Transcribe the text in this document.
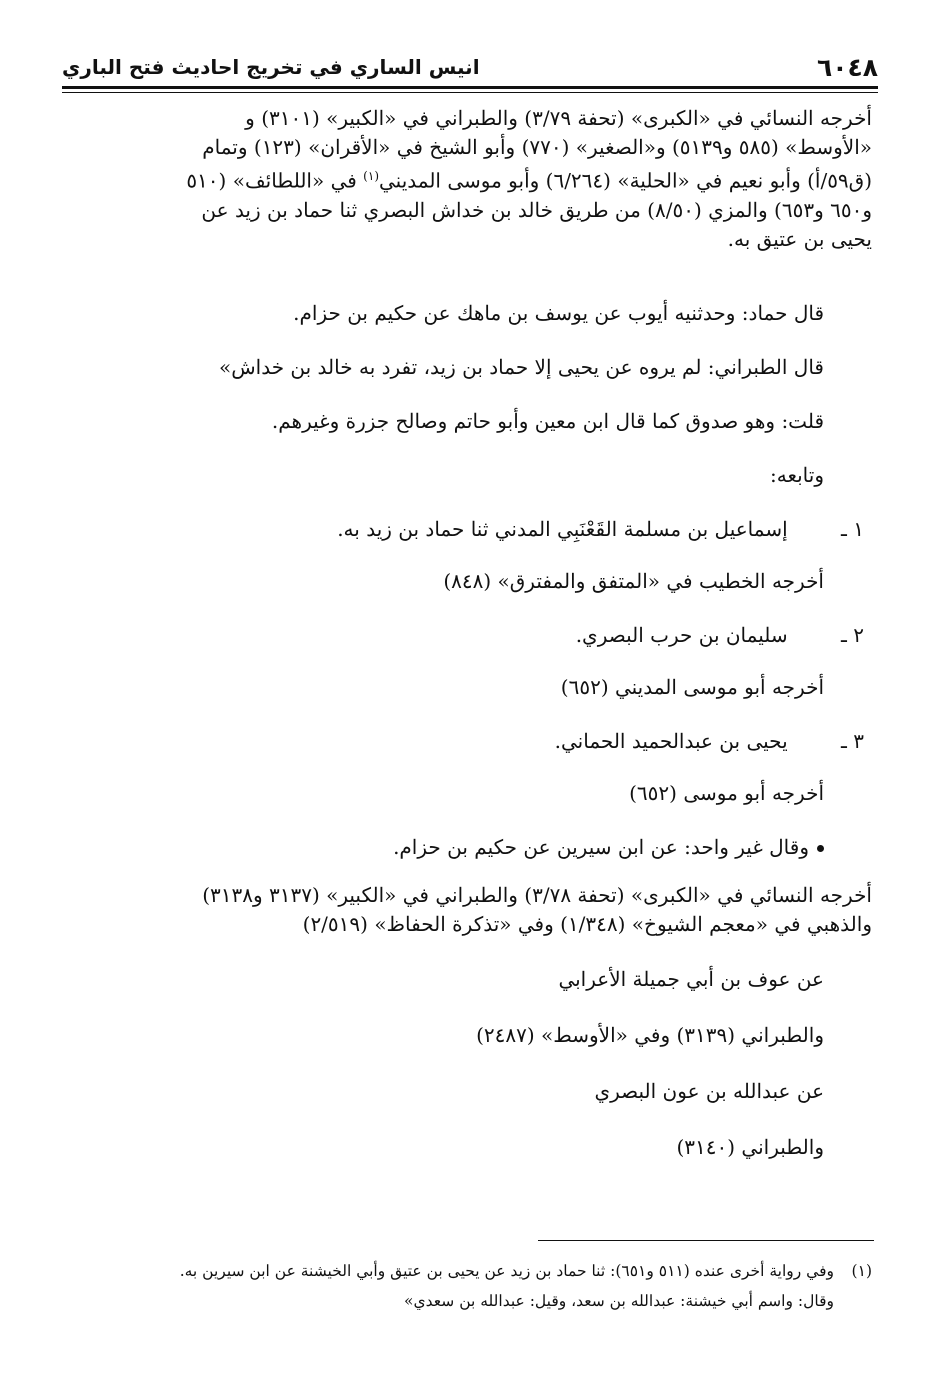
٦٠٤٨
انيس الساري في تخريج احاديث فتح الباري
أخرجه النسائي في «الكبرى» (تحفة ٣/٧٩) والطبراني في «الكبير» (٣١٠١) و
«الأوسط» (٥٨٥ و٥١٣٩) و«الصغير» (٧٧٠) وأبو الشيخ في «الأقران» (١٢٣) وتمام
(ق٥٩/أ) وأبو نعيم في «الحلية» (٦/٢٦٤) وأبو موسى المديني$^{(١)}$ في «اللطائف» (٥١٠
و٦٥٠ و٦٥٣) والمزي (٨/٥٠) من طريق خالد بن خداش البصري ثنا حماد بن زيد عن
يحيى بن عتيق به.
قال حماد: وحدثنيه أيوب عن يوسف بن ماهك عن حكيم بن حزام.
قال الطبراني: لم يروه عن يحيى إلا حماد بن زيد، تفرد به خالد بن خداش»
قلت: وهو صدوق كما قال ابن معين وأبو حاتم وصالح جزرة وغيرهم.
وتابعه:
١ ـ إسماعيل بن مسلمة القَعْنَبِي المدني ثنا حماد بن زيد به.
أخرجه الخطيب في «المتفق والمفترق» (٨٤٨)
٢ ـ سليمان بن حرب البصري.
أخرجه أبو موسى المديني (٦٥٢)
٣ ـ يحيى بن عبدالحميد الحماني.
أخرجه أبو موسى (٦٥٢)
وقال غير واحد: عن ابن سيرين عن حكيم بن حزام.
أخرجه النسائي في «الكبرى» (تحفة ٣/٧٨) والطبراني في «الكبير» (٣١٣٧ و٣١٣٨)
والذهبي في «معجم الشيوخ» (١/٣٤٨) وفي «تذكرة الحفاظ» (٢/٥١٩)
عن عوف بن أبي جميلة الأعرابي
والطبراني (٣١٣٩) وفي «الأوسط» (٢٤٨٧)
عن عبدالله بن عون البصري
والطبراني (٣١٤٠)
(١)وفي رواية أخرى عنده (٥١١ و٦٥١): ثنا حماد بن زيد عن يحيى بن عتيق وأبي الخيشنة عن ابن سيرين به.
وقال: واسم أبي خيشنة: عبدالله بن سعد، وقيل: عبدالله بن سعدي»
